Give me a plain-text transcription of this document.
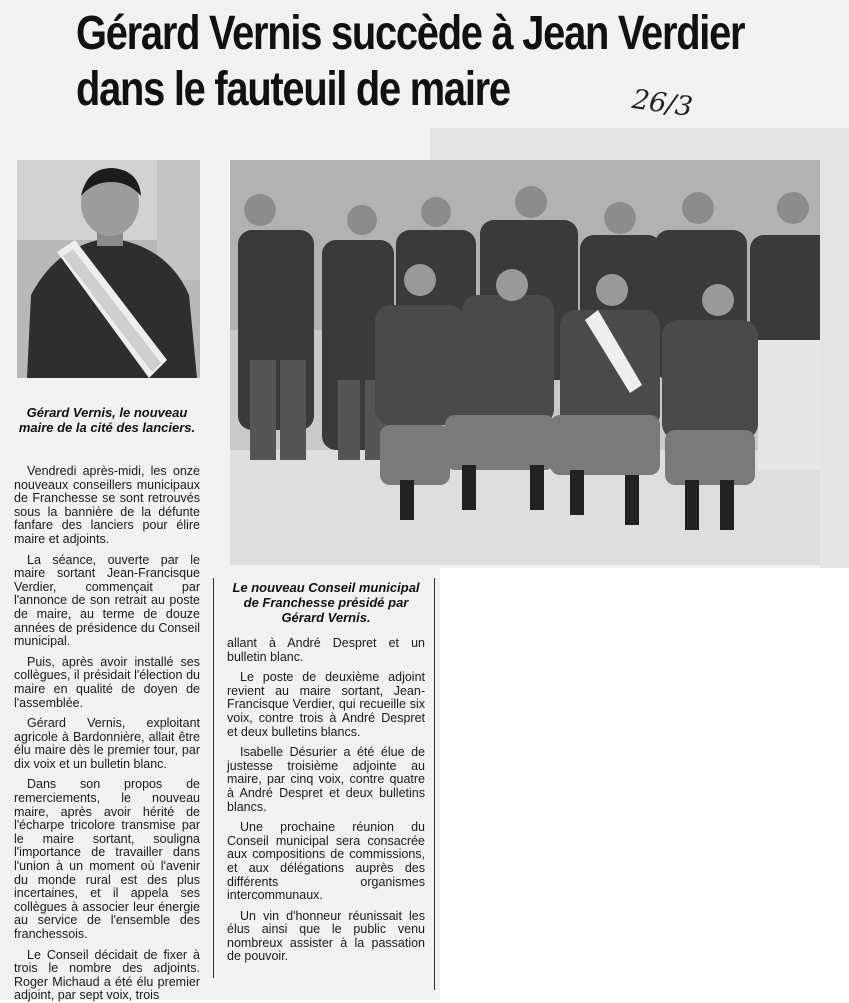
Gérard Vernis succède à Jean Verdier
dans le fauteuil de maire	26/3

Gérard Vernis, le nouveau maire de la cité des lanciers.

Le nouveau Conseil municipal de Franchesse présidé par Gérard Vernis.

Vendredi après-midi, les onze nouveaux conseillers municipaux de Franchesse se sont retrouvés sous la bannière de la défunte fanfare des lanciers pour élire maire et adjoints.

La séance, ouverte par le maire sortant Jean-Francisque Verdier, commençait par l'annonce de son retrait au poste de maire, au terme de douze années de présidence du Conseil municipal.

Puis, après avoir installé ses collègues, il présidait l'élection du maire en qualité de doyen de l'assemblée.

Gérard Vernis, exploitant agricole à Bardonnière, allait être élu maire dès le premier tour, par dix voix et un bulletin blanc.

Dans son propos de remerciements, le nouveau maire, après avoir hérité de l'écharpe tricolore transmise par le maire sortant, souligna l'importance de travailler dans l'union à un moment où l'avenir du monde rural est des plus incertaines, et il appela ses collègues à associer leur énergie au service de l'ensemble des franchessois.

Le Conseil décidait de fixer à trois le nombre des adjoints. Roger Michaud a été élu premier adjoint, par sept voix, trois

allant à André Despret et un bulletin blanc.

Le poste de deuxième adjoint revient au maire sortant, Jean-Francisque Verdier, qui recueille six voix, contre trois à André Despret et deux bulletins blancs.

Isabelle Désurier a été élue de justesse troisième adjointe au maire, par cinq voix, contre quatre à André Despret et deux bulletins blancs.

Une prochaine réunion du Conseil municipal sera consacrée aux compositions de commissions, et aux délégations auprès des différents organismes intercommunaux.

Un vin d'honneur réunissait les élus ainsi que le public venu nombreux assister à la passation de pouvoir.
